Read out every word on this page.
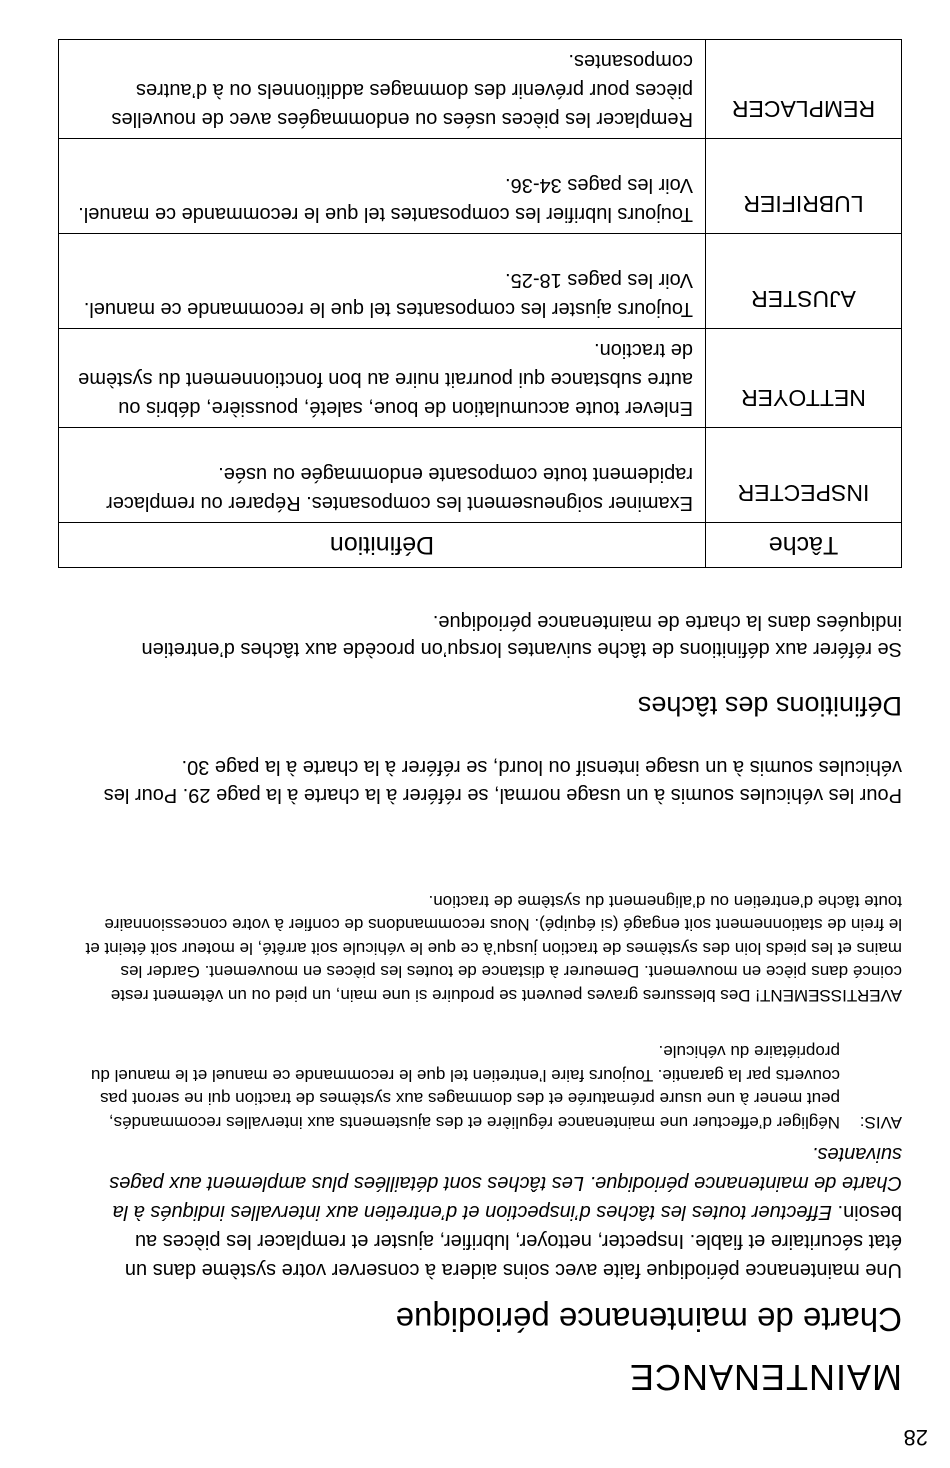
28
MAINTENANCE
Charte de maintenance périodique

Une maintenance périodique faite avec soins aidera à conserver votre système dans un état sécuritaire et fiable. Inspecter, nettoyer, lubrifier, ajuster et remplacer les pièces au besoin. Effectuer toutes les tâches d’inspection et d’entretien aux intervalles indiqués à la Charte de maintenance périodique. Les tâches sont détaillées plus amplement aux pages suivantes.

AVIS:
Négliger d’effectuer une maintenance régulière et des ajustements aux intervalles recommandés, peut mener à une usure prématurée et des dommages aux systèmes de traction qui ne seront pas couverts par la garantie. Toujours faire l’entretien tel que le recommande ce manuel et le manuel du propriétaire du véhicule.

AVERTISSEMENT! Des blessures graves peuvent se produire si une main, un pied ou un vêtement reste coincé dans pièce en mouvement. Demeurer à distance de toutes les pièces en mouvement. Garder les mains et les pieds loin des systèmes de traction jusqu’à ce que le véhicule soit arrêté, le moteur soit éteint et le frein de stationnement soit engagé (si équipé). Nous recommandons de confier à votre concessionnaire toute tâche d’entretien ou d’alignement du système de traction.

Pour les véhicules soumis à un usage normal, se référer à la charte à la page 29. Pour les véhicules soumis à un usage intensif ou lourd, se référer à la charte à la page 30.

Définitions des tâches

Se référer aux définitions de tâche suivantes lorsqu’on procède aux tâches d’entretien indiquées dans la charte de maintenance périodique.

Tâche	Définition
INSPECTER	Examiner soigneusement les composantes. Réparer ou remplacer rapidement toute composante endommagée ou usée.
NETTOYER	Enlever toute accumulation de boue, saleté, poussière, débris ou autre substance qui pourrait nuire au bon fonctionnement du système de traction.
AJUSTER	Toujours ajuster les composantes tel que le recommande ce manuel. Voir les pages 18-25.
LUBRIFIER	Toujours lubrifier les composantes tel que le recommande ce manuel. Voir les pages 34-36.
REMPLACER	Remplacer les pièces usées ou endommagées avec de nouvelles pièces pour prévenir des dommages additionnels ou à d’autres composantes.
